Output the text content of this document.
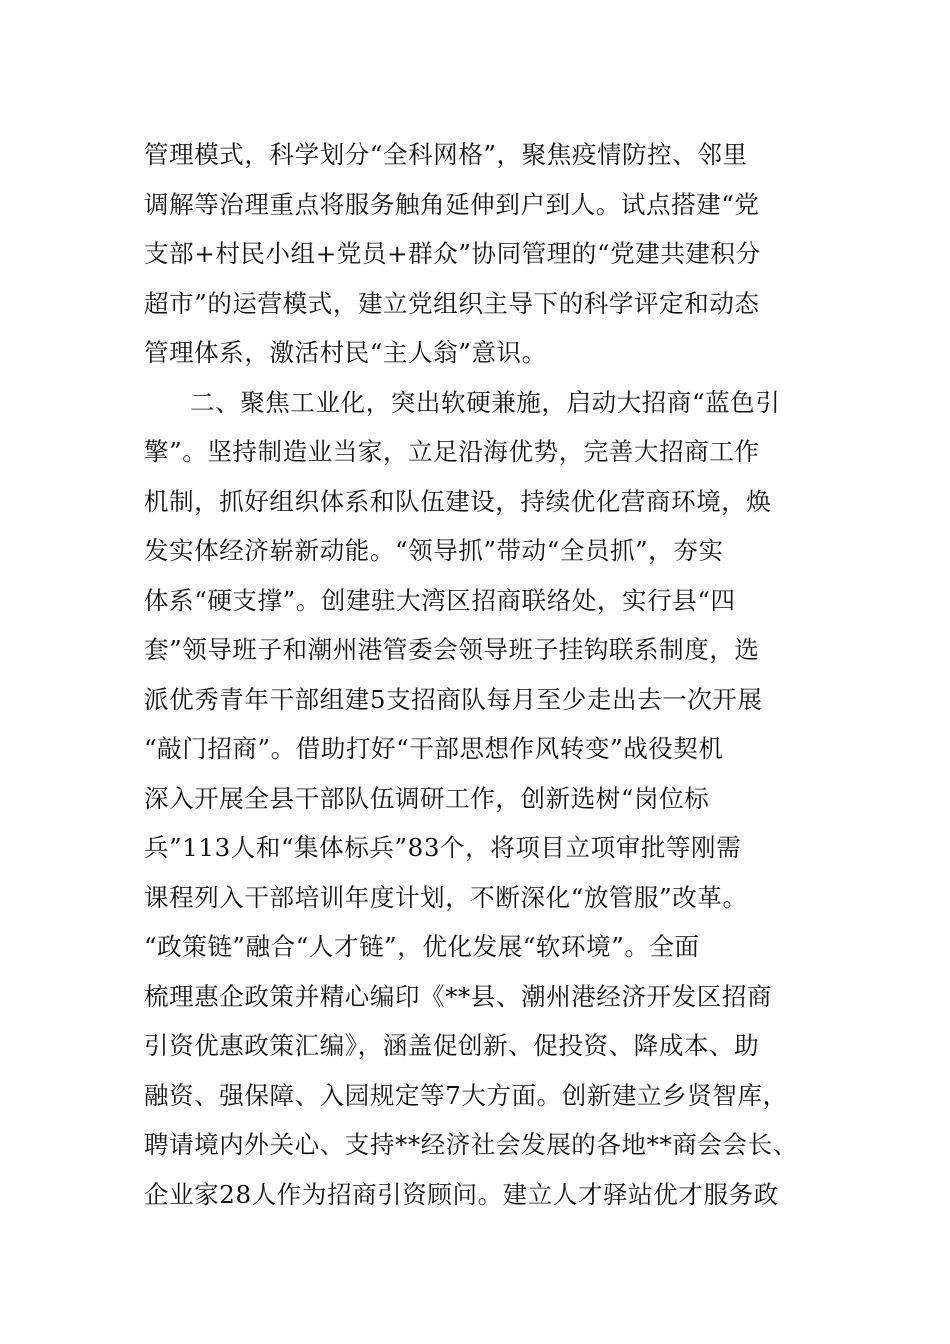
管理模式，科学划分“全科网格”，聚焦疫情防控、邻里
调解等治理重点将服务触角延伸到户到人。试点搭建“党
支部+村民小组+党员+群众”协同管理的“党建共建积分
超市”的运营模式，建立党组织主导下的科学评定和动态
管理体系，激活村民“主人翁”意识。
二、聚焦工业化，突出软硬兼施，启动大招商“蓝色引
擎”。坚持制造业当家，立足沿海优势，完善大招商工作
机制，抓好组织体系和队伍建设，持续优化营商环境，焕
发实体经济崭新动能。“领导抓”带动“全员抓”，夯实
体系“硬支撑”。创建驻大湾区招商联络处，实行县“四
套”领导班子和潮州港管委会领导班子挂钩联系制度，选
派优秀青年干部组建5支招商队每月至少走出去一次开展
“敲门招商”。借助打好“干部思想作风转变”战役契机
深入开展全县干部队伍调研工作，创新选树“岗位标
兵”113人和“集体标兵”83个，将项目立项审批等刚需
课程列入干部培训年度计划，不断深化“放管服”改革。
“政策链”融合“人才链”，优化发展“软环境”。全面
梳理惠企政策并精心编印《**县、潮州港经济开发区招商
引资优惠政策汇编》，涵盖促创新、促投资、降成本、助
融资、强保障、入园规定等7大方面。创新建立乡贤智库，
聘请境内外关心、支持**经济社会发展的各地**商会会长、
企业家28人作为招商引资顾问。建立人才驿站优才服务政
